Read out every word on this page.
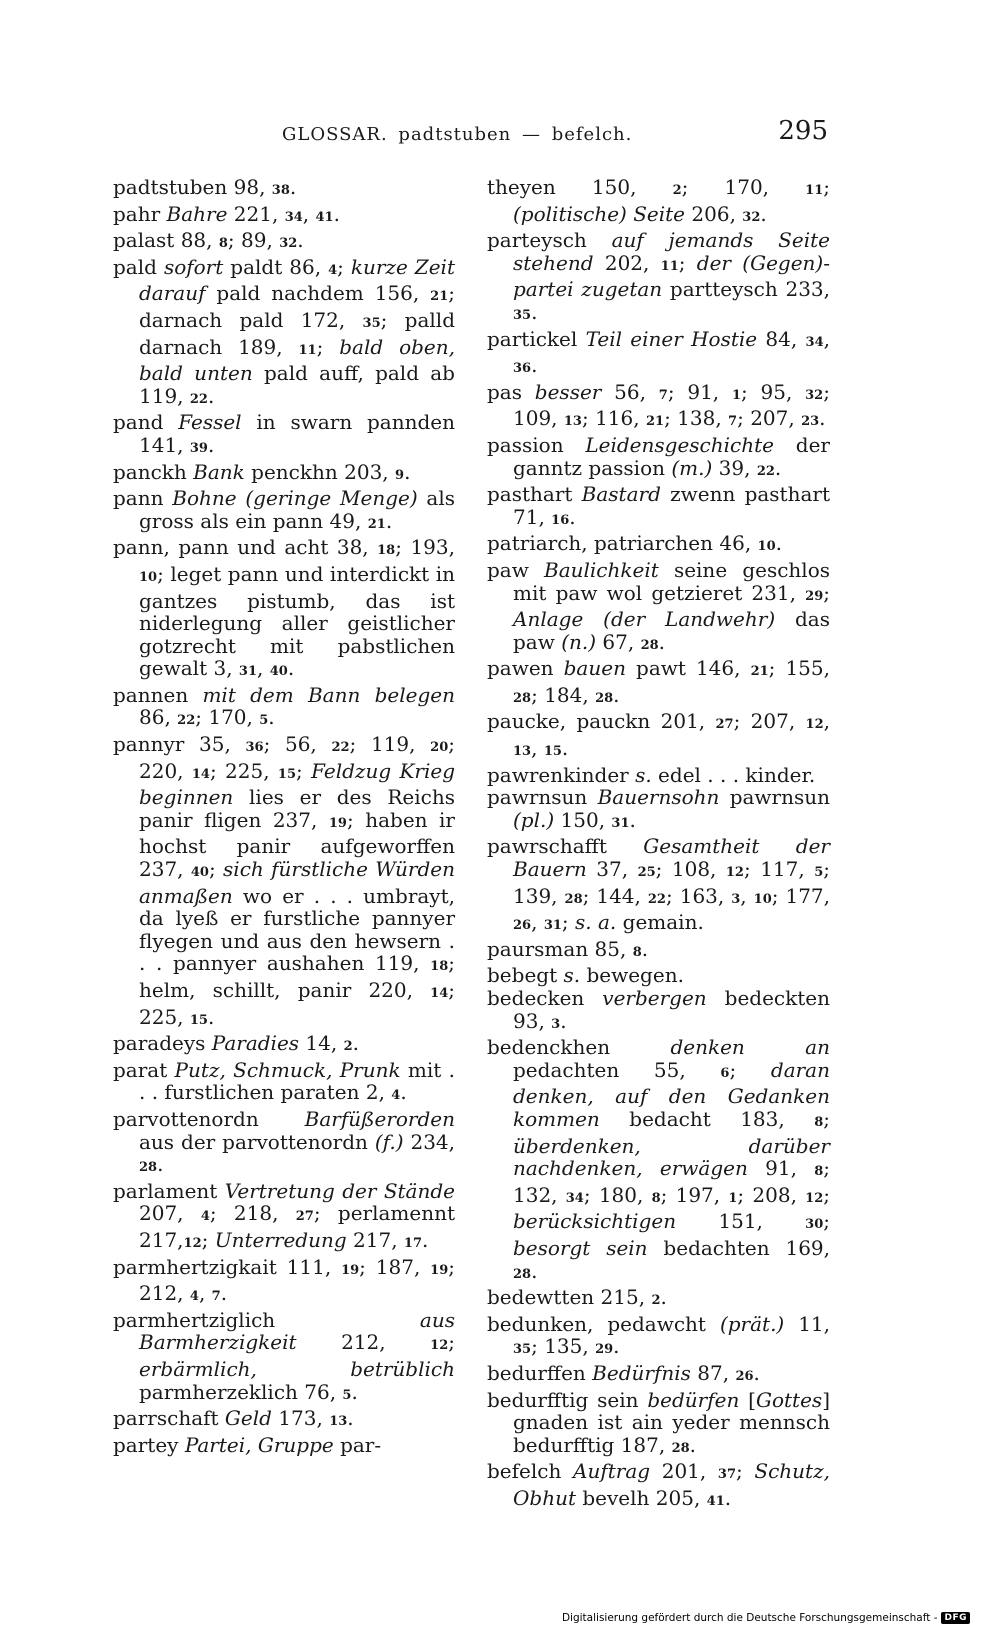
GLOSSAR. padtstuben — befelch.	295
padtstuben 98, 38.
pahr Bahre 221, 34, 41.
palast 88, 8; 89, 32.
pald sofort paldt 86, 4; kurze Zeit darauf pald nachdem 156, 21; darnach pald 172, 35; palld darnach 189, 11; bald oben, bald unten pald auff, pald ab 119, 22.
pand Fessel in swarn pannden 141, 39.
panckh Bank penckhn 203, 9.
pann Bohne (geringe Menge) als gross als ein pann 49, 21.
pann, pann und acht 38, 18; 193, 10; leget pann und interdickt in gantzes pistumb, das ist niderlegung aller geistlicher gotzrecht mit pabstlichen gewalt 3, 31, 40.
pannen mit dem Bann belegen 86, 22; 170, 5.
pannyr 35, 36; 56, 22; 119, 20; 220, 14; 225, 15; Feldzug Krieg beginnen lies er des Reichs panir fligen 237, 19; haben ir hochst panir aufgeworffen 237, 40; sich fürstliche Würden anmaßen wo er . . . umbrayt, da lyeß er furstliche pannyer flyegen und aus den hewsern . . . pannyer aushahen 119, 18; helm, schillt, panir 220, 14; 225, 15.
paradeys Paradies 14, 2.
parat Putz, Schmuck, Prunk mit . . . furstlichen paraten 2, 4.
parvottenordn Barfüßerorden aus der parvottenordn (f.) 234, 28.
parlament Vertretung der Stände 207, 4; 218, 27; perlamennt 217,12; Unterredung 217, 17.
parmhertzigkait 111, 19; 187, 19; 212, 4, 7.
parmhertziglich aus Barmherzigkeit 212, 12; erbärmlich, betrüblich parmherzeklich 76, 5.
parrschaft Geld 173, 13.
partey Partei, Gruppe par-
theyen 150, 2; 170, 11; (politische) Seite 206, 32.
parteysch auf jemands Seite stehend 202, 11; der (Gegen)-partei zugetan partteysch 233, 35.
partickel Teil einer Hostie 84, 34, 36.
pas besser 56, 7; 91, 1; 95, 32; 109, 13; 116, 21; 138, 7; 207, 23.
passion Leidensgeschichte der ganntz passion (m.) 39, 22.
pasthart Bastard zwenn pasthart 71, 16.
patriarch, patriarchen 46, 10.
paw Baulichkeit seine geschlos mit paw wol getzieret 231, 29; Anlage (der Landwehr) das paw (n.) 67, 28.
pawen bauen pawt 146, 21; 155, 28; 184, 28.
paucke, pauckn 201, 27; 207, 12, 13, 15.
pawrenkinder s. edel . . . kinder.
pawrnsun Bauernsohn pawrnsun (pl.) 150, 31.
pawrschafft Gesamtheit der Bauern 37, 25; 108, 12; 117, 5; 139, 28; 144, 22; 163, 3, 10; 177, 26, 31; s. a. gemain.
paursman 85, 8.
bebegt s. bewegen.
bedecken verbergen bedeckten 93, 3.
bedenckhen denken an pedachten 55, 6; daran denken, auf den Gedanken kommen bedacht 183, 8; überdenken, darüber nachdenken, erwägen 91, 8; 132, 34; 180, 8; 197, 1; 208, 12; berücksichtigen 151, 30; besorgt sein bedachten 169, 28.
bedewtten 215, 2.
bedunken, pedawcht (prät.) 11, 35; 135, 29.
bedurffen Bedürfnis 87, 26.
bedurfftig sein bedürfen [Gottes] gnaden ist ain yeder mennsch bedurfftig 187, 28.
befelch Auftrag 201, 37; Schutz, Obhut bevelh 205, 41.
Digitalisierung gefördert durch die Deutsche Forschungsgemeinschaft - DFG
